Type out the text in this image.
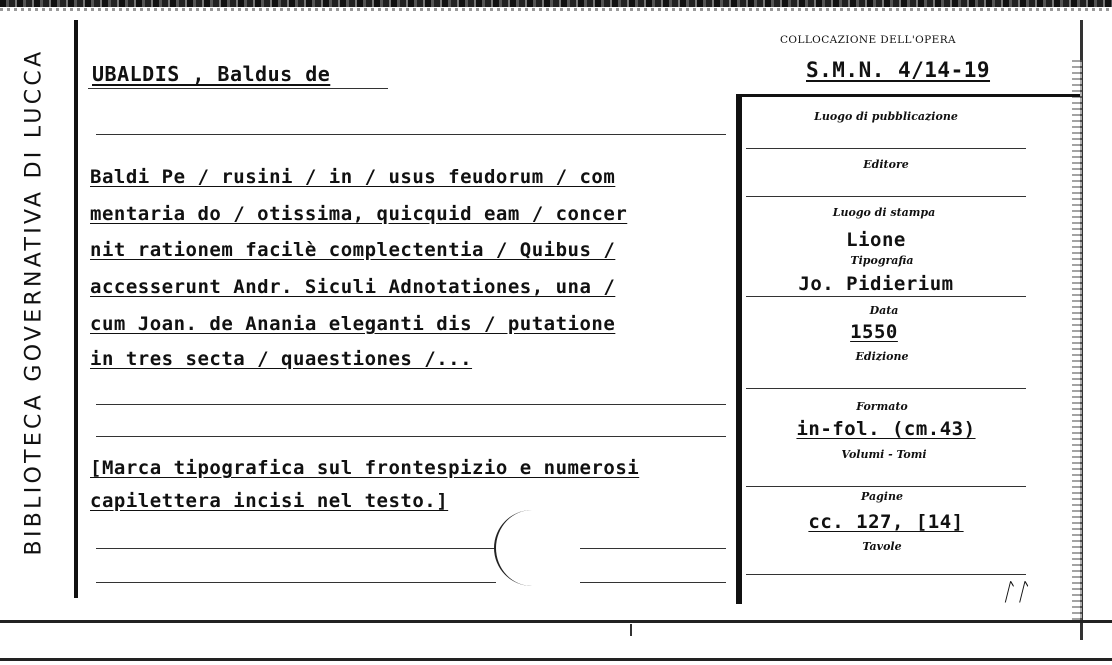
BIBLIOTECA GOVERNATIVA DI LUCCA
COLLOCAZIONE DELL'OPERA
S.M.N. 4/14-19
UBALDIS , Baldus de
Baldi Pe / rusini / in / usus feudorum / com
mentaria do / otissima, quicquid eam / concer
nit rationem facilè complectentia / Quibus /
accesserunt Andr. Siculi Adnotationes, una /
cum Joan. de Anania eleganti dis / putatione
in tres secta / quaestiones /...
[Marca tipografica sul frontespizio e numerosi
capilettera incisi nel testo.]
Luogo di pubblicazione
Editore
Luogo di stampa
Lione
Tipografia
Jo. Pidierium
Data
1550
Edizione
Formato
in-fol. (cm.43)
Volumi - Tomi
Pagine
cc. 127, [14]
Tavole
ᛚᛚ
